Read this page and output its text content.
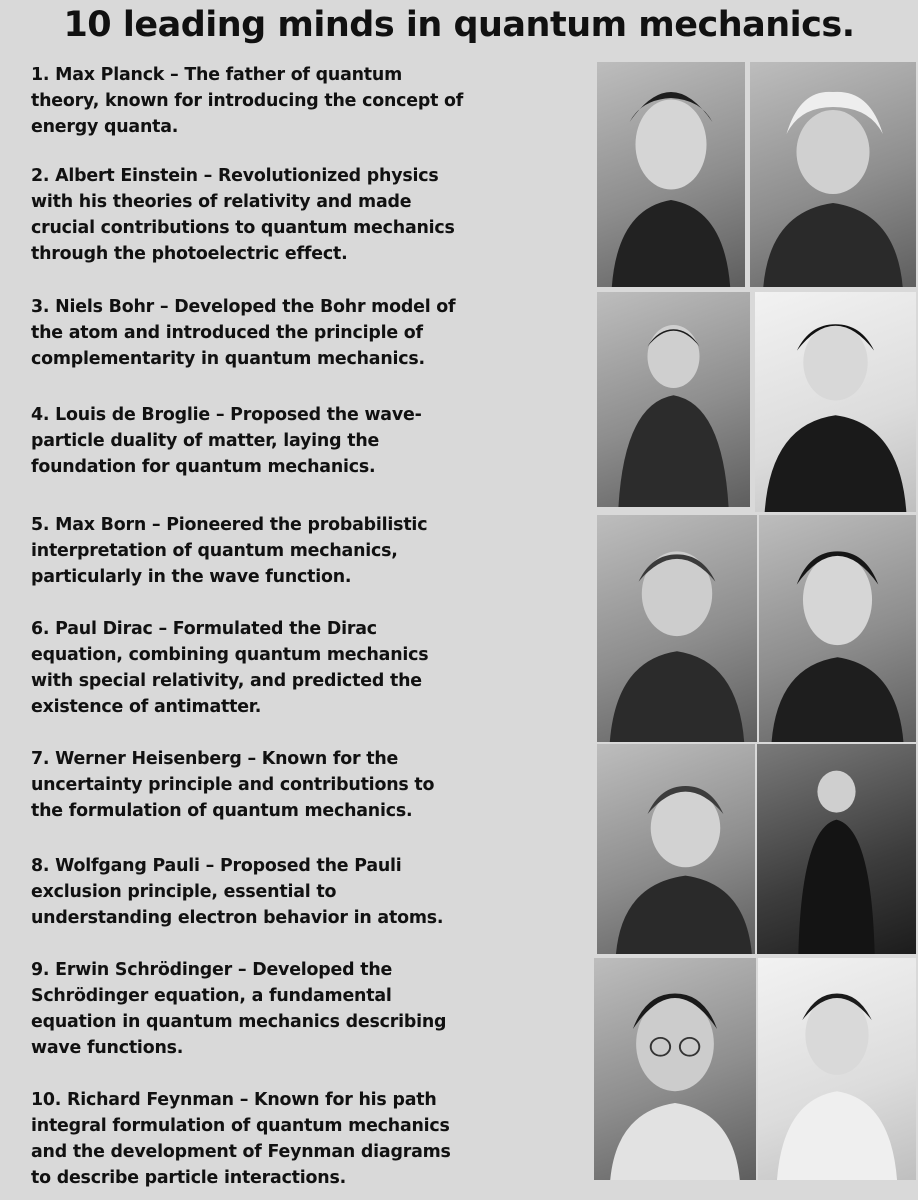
10 leading minds in quantum mechanics.
1. Max Planck – The father of quantum theory, known for introducing the concept of energy quanta.
2. Albert Einstein – Revolutionized physics with his theories of relativity and made crucial contributions to quantum mechanics through the photoelectric effect.
3. Niels Bohr – Developed the Bohr model of the atom and introduced the principle of complementarity in quantum mechanics.
4. Louis de Broglie – Proposed the wave-particle duality of matter, laying the foundation for quantum mechanics.
5. Max Born – Pioneered the probabilistic interpretation of quantum mechanics, particularly in the wave function.
6. Paul Dirac – Formulated the Dirac equation, combining quantum mechanics with special relativity, and predicted the existence of antimatter.
7. Werner Heisenberg – Known for the uncertainty principle and contributions to the formulation of quantum mechanics.
8. Wolfgang Pauli – Proposed the Pauli exclusion principle, essential to understanding electron behavior in atoms.
9. Erwin Schrödinger – Developed the Schrödinger equation, a fundamental equation in quantum mechanics describing wave functions.
10. Richard Feynman – Known for his path integral formulation of quantum mechanics and the development of Feynman diagrams to describe particle interactions.
